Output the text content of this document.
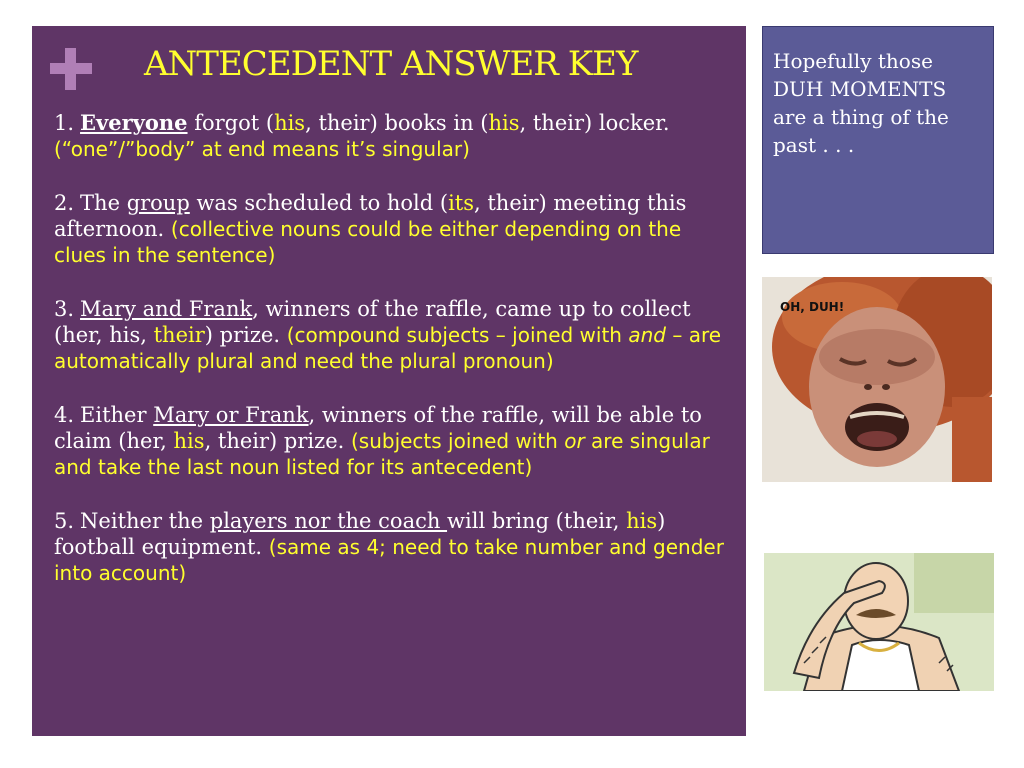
ANTECEDENT ANSWER KEY
1. Everyone forgot (his, their) books in (his, their) locker. (“one”/”body” at end means it’s singular)
2. The group was scheduled to hold (its, their) meeting this afternoon. (collective nouns could be either depending on the clues in the sentence)
3. Mary and Frank, winners of the raffle, came up to collect (her, his, their) prize. (compound subjects – joined with and – are automatically plural and need the plural pronoun)
4. Either Mary or Frank, winners of the raffle, will be able to claim (her, his, their) prize. (subjects joined with or are singular and take the last noun listed for its antecedent)
5. Neither the players nor the coach will bring (their, his) football equipment. (same as 4; need to take number and gender into account)
Hopefully those DUH MOMENTS are a thing of the past . . .
OH, DUH!
